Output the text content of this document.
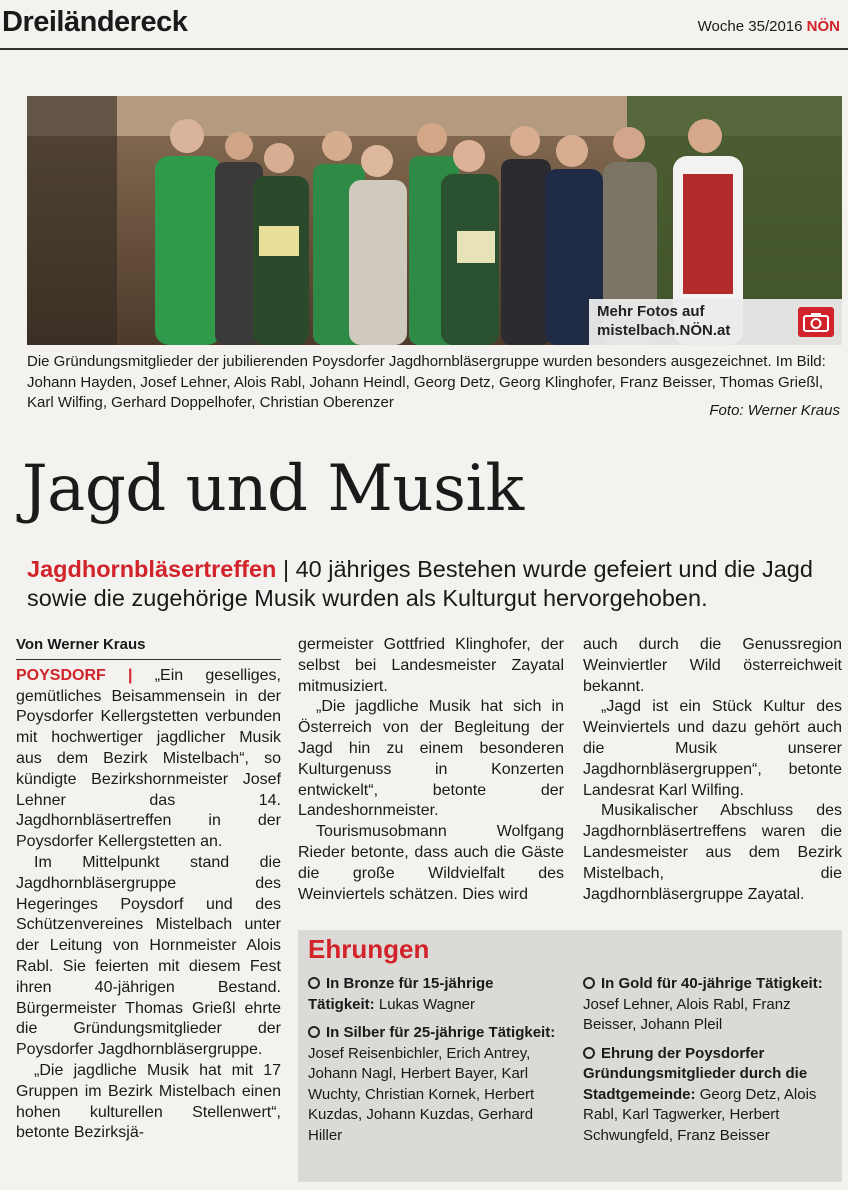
Dreiländereck	Woche 35/2016 NÖN
Mehr Fotos auf
mistelbach.NÖN.at
Die Gründungsmitglieder der jubilierenden Poysdorfer Jagdhornbläsergruppe wurden besonders ausgezeichnet. Im Bild: Johann Hayden, Josef Lehner, Alois Rabl, Johann Heindl, Georg Detz, Georg Klinghofer, Franz Beisser, Thomas Grießl, Karl Wilfing, Gerhard Doppelhofer, Christian Oberenzer	Foto: Werner Kraus
Jagd und Musik
Jagdhornbläsertreffen | 40 jähriges Bestehen wurde gefeiert und die Jagd sowie die zugehörige Musik wurden als Kulturgut hervorgehoben.
Von Werner Kraus

POYSDORF | „Ein geselliges, gemütliches Beisammensein in der Poysdorfer Kellergstetten verbunden mit hochwertiger jagdlicher Musik aus dem Bezirk Mistelbach“, so kündigte Bezirkshornmeister Josef Lehner das 14. Jagdhornbläsertreffen in der Poysdorfer Kellergstetten an.

Im Mittelpunkt stand die Jagdhornbläsergruppe des Hegeringes Poysdorf und des Schützenvereines Mistelbach unter der Leitung von Hornmeister Alois Rabl. Sie feierten mit diesem Fest ihren 40-jährigen Bestand. Bürgermeister Thomas Grießl ehrte die Gründungsmitglieder der Poysdorfer Jagdhornbläsergruppe.

„Die jagdliche Musik hat mit 17 Gruppen im Bezirk Mistelbach einen hohen kulturellen Stellenwert“, betonte Bezirksjä-

germeister Gottfried Klinghofer, der selbst bei Landesmeister Zayatal mitmusiziert.

„Die jagdliche Musik hat sich in Österreich von der Begleitung der Jagd hin zu einem besonderen Kulturgenuss in Konzerten entwickelt“, betonte der Landeshornmeister.

Tourismusobmann Wolfgang Rieder betonte, dass auch die Gäste die große Wildvielfalt des Weinviertels schätzen. Dies wird

auch durch die Genussregion Weinviertler Wild österreichweit bekannt.

„Jagd ist ein Stück Kultur des Weinviertels und dazu gehört auch die Musik unserer Jagdhornbläsergruppen“, betonte Landesrat Karl Wilfing.

Musikalischer Abschluss des Jagdhornbläsertreffens waren die Landesmeister aus dem Bezirk Mistelbach, die Jagdhornbläsergruppe Zayatal.

Ehrungen
In Bronze für 15-jährige Tätigkeit: Lukas Wagner
In Silber für 25-jährige Tätigkeit: Josef Reisenbichler, Erich Antrey, Johann Nagl, Herbert Bayer, Karl Wuchty, Christian Kornek, Herbert Kuzdas, Johann Kuzdas, Gerhard Hiller
In Gold für 40-jährige Tätigkeit: Josef Lehner, Alois Rabl, Franz Beisser, Johann Pleil
Ehrung der Poysdorfer Gründungsmitglieder durch die Stadtgemeinde: Georg Detz, Alois Rabl, Karl Tagwerker, Herbert Schwungfeld, Franz Beisser
